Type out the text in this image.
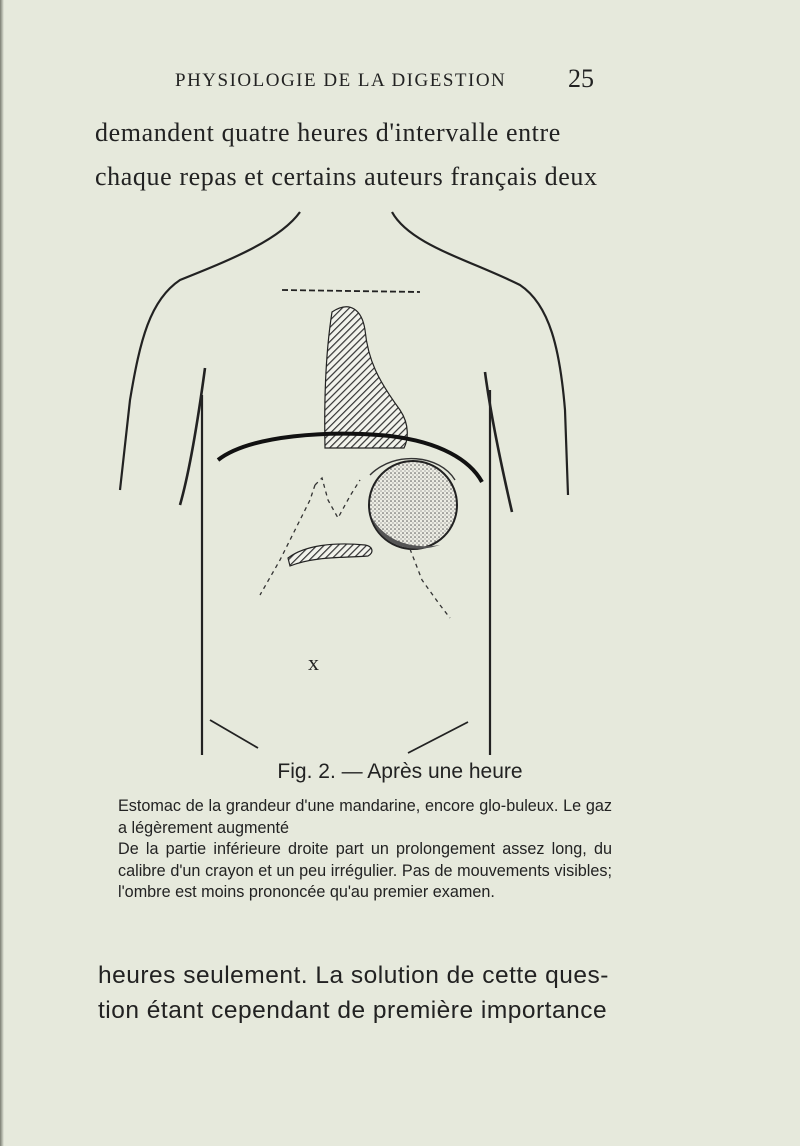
PHYSIOLOGIE DE LA DIGESTION 25
demandent quatre heures d'intervalle entre
chaque repas et certains auteurs français deux
x
Fig. 2. — Après une heure

Estomac de la grandeur d'une mandarine, encore glo-buleux. Le gaz a légèrement augmenté

De la partie inférieure droite part un prolongement assez long, du calibre d'un crayon et un peu irrégulier. Pas de mouvements visibles; l'ombre est moins prononcée qu'au premier examen.

heures seulement. La solution de cette ques-
tion étant cependant de première importance
